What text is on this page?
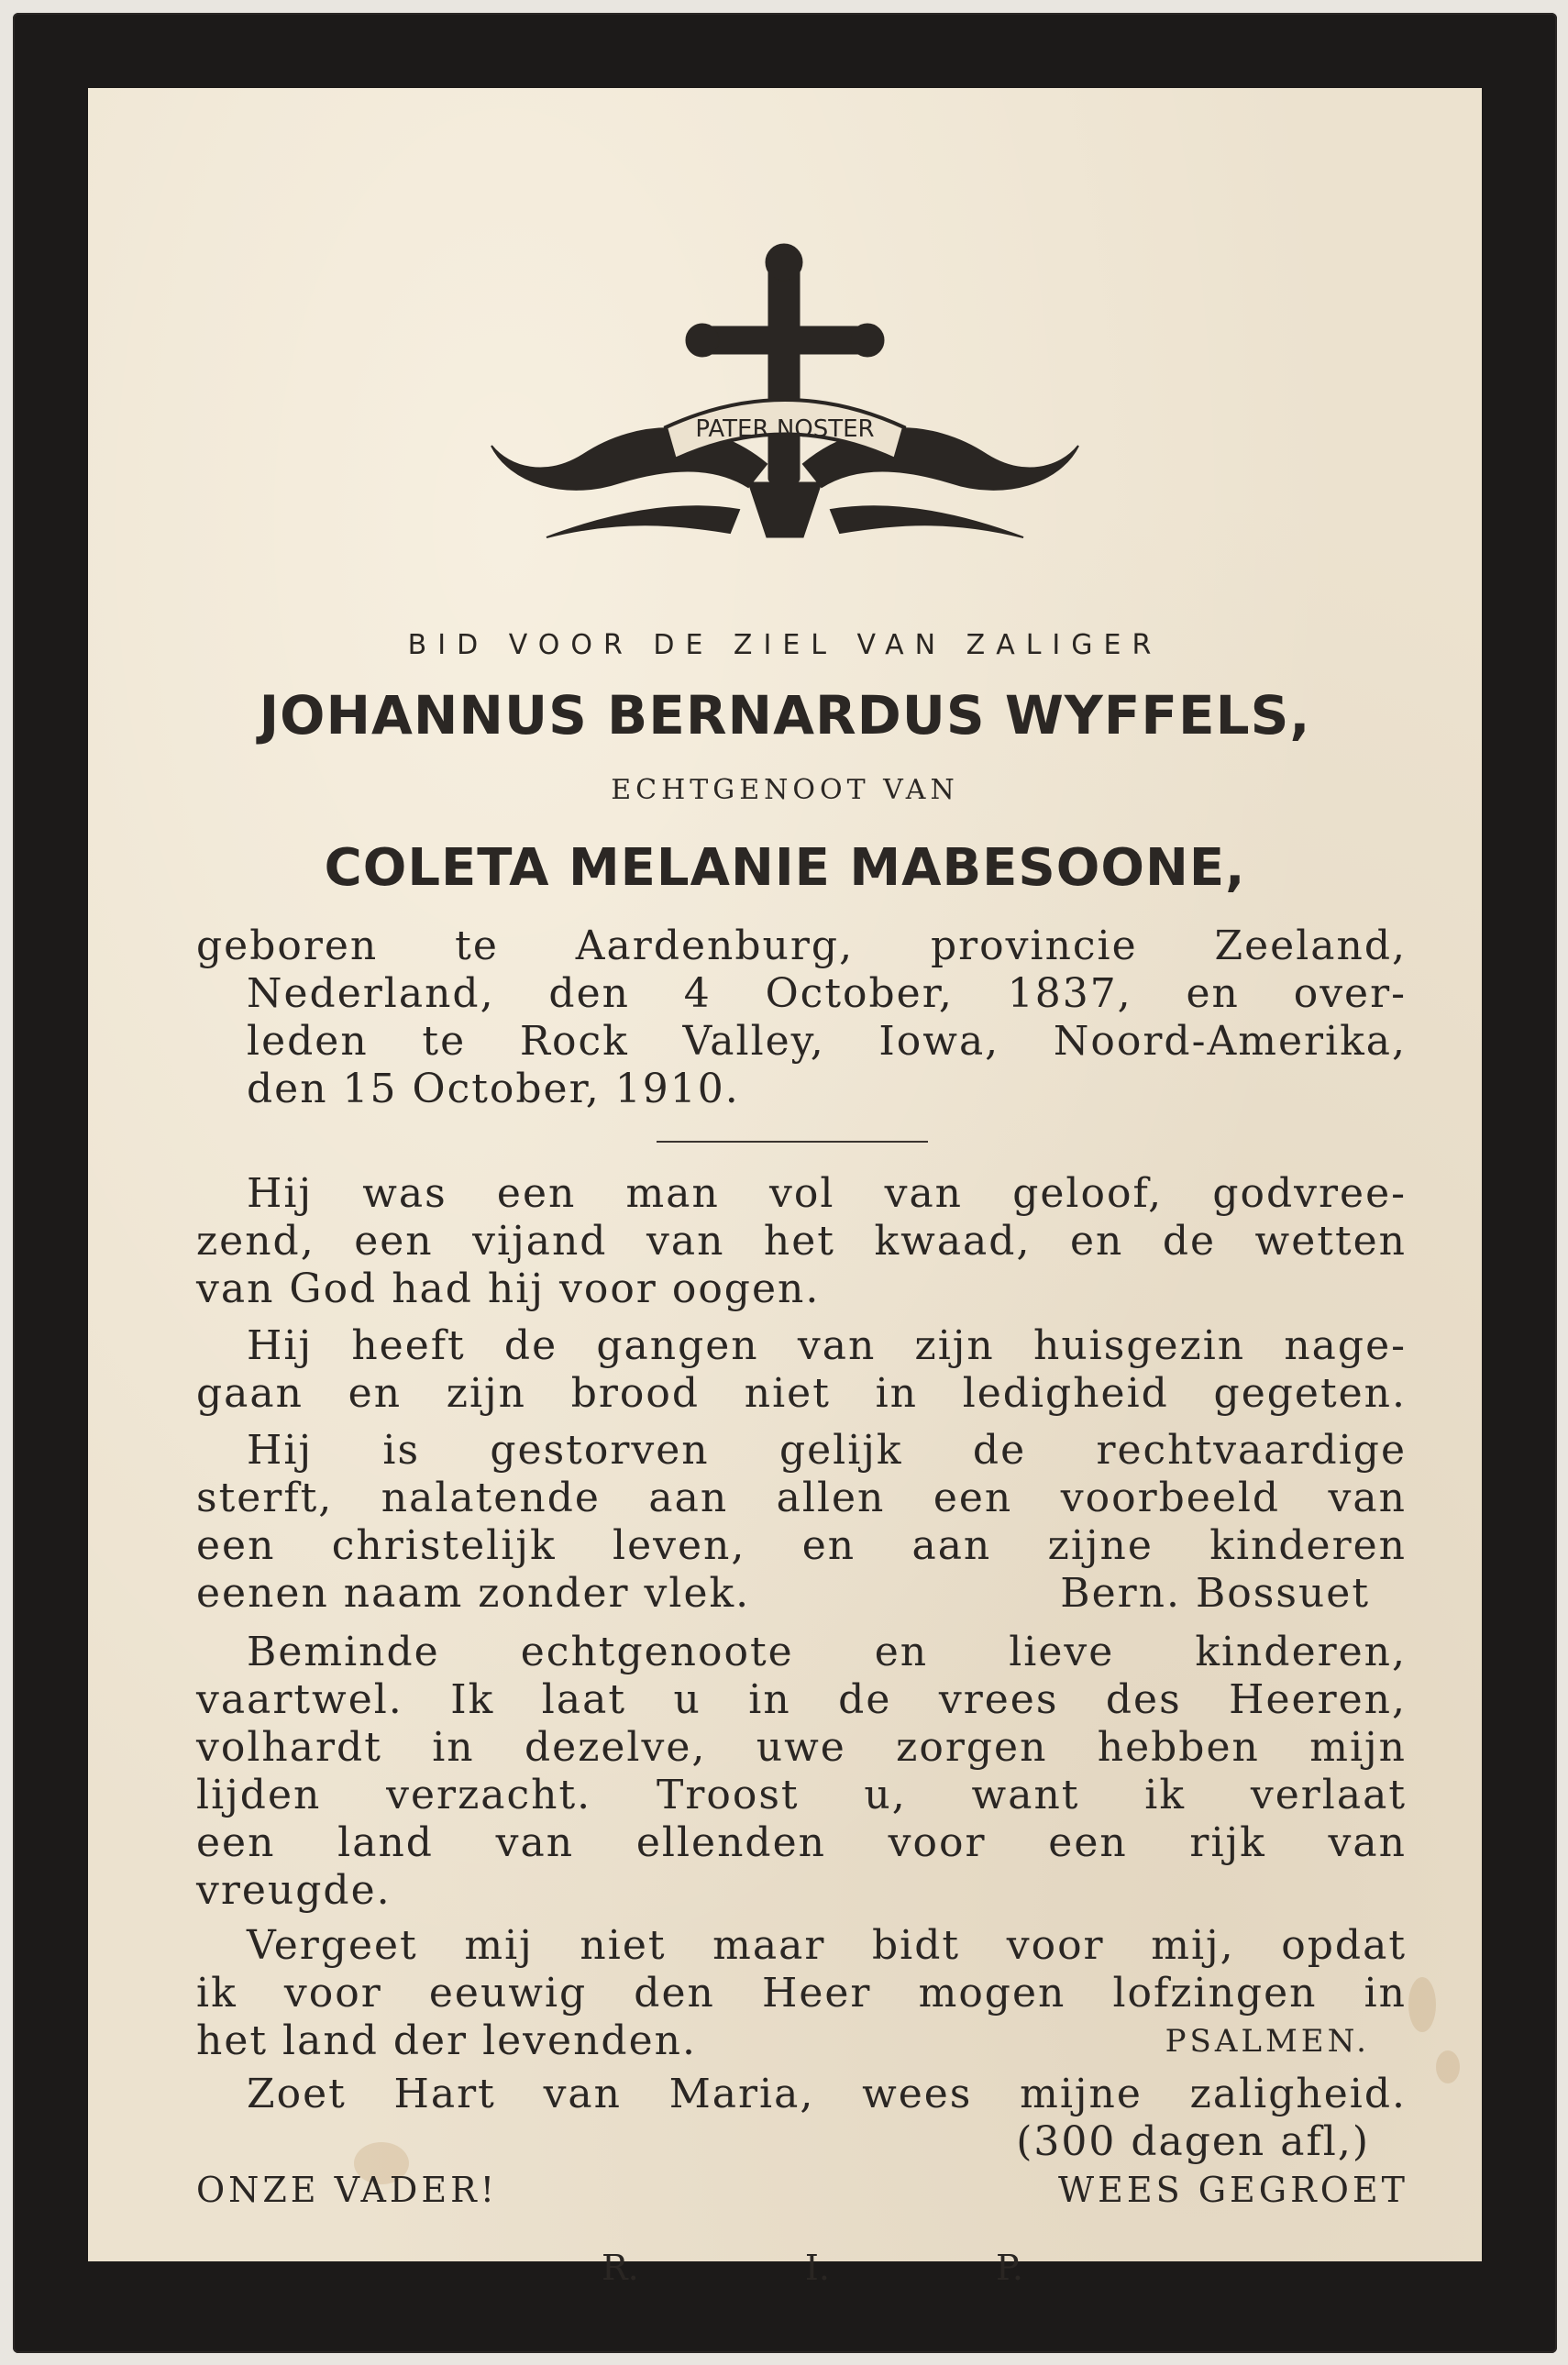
PATER NOSTER
BID VOOR DE ZIEL VAN ZALIGER
JOHANNUS BERNARDUS WYFFELS,
ECHTGENOOT VAN
COLETA MELANIE MABESOONE,
geboren te Aardenburg, provincie Zeeland,
Nederland, den 4 October, 1837, en over-
leden te Rock Valley, Iowa, Noord-Amerika,
den 15 October, 1910.
Hij was een man vol van geloof, godvree-
zend, een vijand van het kwaad, en de wetten
van God had hij voor oogen.
Hij heeft de gangen van zijn huisgezin nage-
gaan en zijn brood niet in ledigheid gegeten.
Hij is gestorven gelijk de rechtvaardige
sterft, nalatende aan allen een voorbeeld van
een christelijk leven, en aan zijne kinderen
eenen naam zonder vlek.	Bern. Bossuet
Beminde echtgenoote en lieve kinderen,
vaartwel. Ik laat u in de vrees des Heeren,
volhardt in dezelve, uwe zorgen hebben mijn
lijden verzacht. Troost u, want ik verlaat
een land van ellenden voor een rijk van
vreugde.
Vergeet mij niet maar bidt voor mij, opdat
ik voor eeuwig den Heer mogen lofzingen in
het land der levenden.	PSALMEN.
Zoet Hart van Maria, wees mijne zaligheid.
(300 dagen afl,)
ONZE VADER!	WEES GEGROET
R.	I.	P.
